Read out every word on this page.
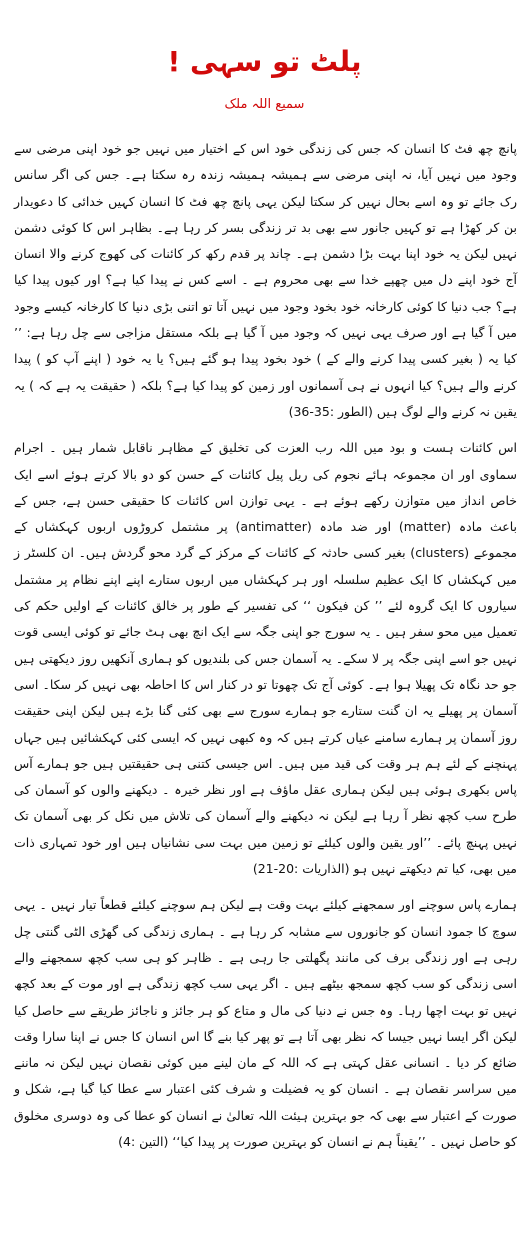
پلٹ تو سہی !
سمیع اللہ ملک

پانچ چھ فٹ کا انسان کہ جس کی زندگی خود اس کے اختیار میں نہیں جو خود اپنی مرضی سے وجود میں نہیں آیا، نہ اپنی مرضی سے ہمیشہ ہمیشہ زندہ رہ سکتا ہے۔ جس کی اگر سانس رک جائے تو وہ اسے بحال نہیں کر سکتا لیکن یہی پانچ چھ فٹ کا انسان کہیں خدائی کا دعویدار بن کر کھڑا ہے تو کہیں جانور سے بھی بد تر زندگی بسر کر رہا ہے۔ بظاہر اس کا کوئی دشمن نہیں لیکن یہ خود اپنا بہت بڑا دشمن ہے۔ چاند پر قدم رکھ کر کائنات کی کھوج کرنے والا انسان آج خود اپنے دل میں چھپے خدا سے بھی محروم ہے ۔ اسے کس نے پیدا کیا ہے؟ اور کیوں پیدا کیا ہے؟ جب دنیا کا کوئی کارخانہ خود بخود وجود میں نہیں آتا تو اتنی بڑی دنیا کا کارخانہ کیسے وجود میں آ گیا ہے اور صرف یہی نہیں کہ وجود میں آ گیا ہے بلکہ مستقل مزاجی سے چل رہا ہے: ’’ کیا یہ ( بغیر کسی پیدا کرنے والے کے ) خود بخود پیدا ہو گئے ہیں؟ یا یہ خود ( اپنے آپ کو ) پیدا کرنے والے ہیں؟ کیا انہوں نے ہی آسمانوں اور زمین کو پیدا کیا ہے؟ بلکہ ( حقیقت یہ ہے کہ ) یہ یقین نہ کرنے والے لوگ ہیں (الطور :35-36)

اس کائنات ہست و بود میں اللہ رب العزت کی تخلیق کے مظاہر ناقابل شمار ہیں ۔ اجرام سماوی اور ان مجموعہ ہائے نجوم کی ریل پیل کائنات کے حسن کو دو بالا کرتے ہوئے اسے ایک خاص انداز میں متوازن رکھے ہوئے ہے ۔ یہی توازن اس کائنات کا حقیقی حسن ہے، جس کے باعث مادہ (matter) اور ضد مادہ (antimatter) پر مشتمل کروڑوں اربوں کہکشاں کے مجموعے (clusters) بغیر کسی حادثہ کے کائنات کے مرکز کے گرد محو گردش ہیں۔ ان کلسٹر ز میں کہکشاں کا ایک عظیم سلسلہ اور ہر کہکشاں میں اربوں ستارے اپنے اپنے نظام پر مشتمل سیاروں کا ایک گروہ لئے ’’ کن فیکون ‘‘ کی تفسیر کے طور پر خالق کائنات کے اولیں حکم کی تعمیل میں محو سفر ہیں ۔ یہ سورج جو اپنی جگہ سے ایک انچ بھی ہٹ جائے تو کوئی ایسی قوت نہیں جو اسے اپنی جگہ پر لا سکے۔ یہ آسمان جس کی بلندیوں کو ہماری آنکھیں روز دیکھتی ہیں جو حد نگاہ تک پھیلا ہوا ہے۔ کوئی آج تک چھوتا تو در کنار اس کا احاطہ بھی نہیں کر سکا۔ اسی آسمان پر پھیلے یہ ان گنت ستارے جو ہمارے سورج سے بھی کئی گنا بڑے ہیں لیکن اپنی حقیقت روز آسمان پر ہمارے سامنے عیاں کرتے ہیں کہ وہ کبھی نہیں کہ ایسی کئی کہکشائیں ہیں جہاں پہنچنے کے لئے ہم ہر وقت کی قید میں ہیں۔ اس جیسی کتنی ہی حقیقتیں ہیں جو ہمارے آس پاس بکھری ہوئی ہیں لیکن ہماری عقل ماؤف ہے اور نظر خیرہ ۔ دیکھنے والوں کو آسمان کی طرح سب کچھ نظر آ رہا ہے لیکن نہ دیکھنے والے آسمان کی تلاش میں نکل کر بھی آسمان تک نہیں پہنچ پائے۔ ’’اور یقین والوں کیلئے تو زمین میں بہت سی نشانیاں ہیں اور خود تمہاری ذات میں بھی، کیا تم دیکھتے نہیں ہو (الذاریات :20-21)

ہمارے پاس سوچنے اور سمجھنے کیلئے بہت وقت ہے لیکن ہم سوچنے کیلئے قطعاً تیار نہیں ۔ یہی سوچ کا جمود انسان کو جانوروں سے مشابہ کر رہا ہے ۔ ہماری زندگی کی گھڑی الٹی گنتی چل رہی ہے اور زندگی برف کی مانند پگھلتی جا رہی ہے ۔ ظاہر کو ہی سب کچھ سمجھنے والے اسی زندگی کو سب کچھ سمجھ بیٹھے ہیں ۔ اگر یہی سب کچھ زندگی ہے اور موت کے بعد کچھ نہیں تو بہت اچھا رہا۔ وہ جس نے دنیا کی مال و متاع کو ہر جائز و ناجائز طریقے سے حاصل کیا لیکن اگر ایسا نہیں جیسا کہ نظر بھی آتا ہے تو پھر کیا بنے گا اس انسان کا جس نے اپنا سارا وقت ضائع کر دیا ۔ انسانی عقل کہتی ہے کہ اللہ کے مان لینے میں کوئی نقصان نہیں لیکن نہ ماننے میں سراسر نقصان ہے ۔ انسان کو یہ فضیلت و شرف کئی اعتبار سے عطا کیا گیا ہے، شکل و صورت کے اعتبار سے بھی کہ جو بہترین ہیئت اللہ تعالیٰ نے انسان کو عطا کی وہ دوسری مخلوق کو حاصل نہیں ۔ ’’یقیناً ہم نے انسان کو بہترین صورت پر پیدا کیا‘‘ (التین :4)
